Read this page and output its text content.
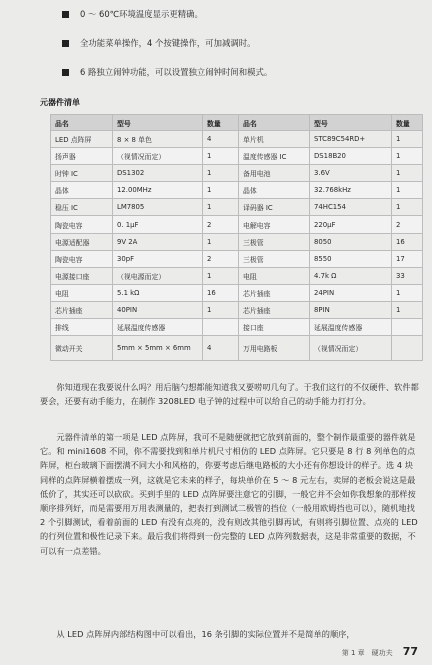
0 ～ 60℃环境温度显示更精确。
全功能菜单操作，4 个按键操作，可加减调时。
6 路独立闹钟功能，可以设置独立闹钟时间和模式。
元器件清单
品名	型号	数量	品名	型号	数量
LED 点阵屏	8 × 8 单色	4	单片机	STC89C54RD+	1
扬声器	（视情况而定）	1	温度传感器 IC	DS18B20	1
时钟 IC	DS1302	1	备用电池	3.6V	1
晶体	12.00MHz	1	晶体	32.768kHz	1
稳压 IC	LM7805	1	译码器 IC	74HC154	1
陶瓷电容	0. 1μF	2	电解电容	220μF	2
电源适配器	9V 2A	1	三极管	8050	16
陶瓷电容	30pF	2	三极管	8550	17
电源接口座	（视电源而定）	1	电阻	4.7k Ω	33
电阻	5.1 kΩ	16	芯片插座	24PIN	1
芯片插座	40PIN	1	芯片插座	8PIN	1
排线	延展温度传感器		接口座	延展温度传感器	
微动开关	5mm × 5mm × 6mm	4	万用电路板	（视情况而定）	

你知道现在我要说什么吗？用后脑勺想都能知道我又要唠叨几句了。于我们这行的不仅硬件、软件都要会，还要有动手能力，在制作 3208LED 电子钟的过程中可以给自己的动手能力打打分。

元器件清单的第一项是 LED 点阵屏，我可不是随便就把它放到前面的，整个制作最重要的器件就是它。和 mini1608 不同，你不需要找到和单片机尺寸相仿的 LED 点阵屏。它只要是 8 行 8 列单色的点阵屏，柜台玻璃下面摆满不同大小和风格的，你要考虑后继电路板的大小还有你想设计的样子。选 4 块同样的点阵屏横着摆成一列，这就是它未来的样子，每块单价在 5 ～ 8 元左右，卖屏的老板会说这是最低价了，其实还可以砍砍。买到手里的 LED 点阵屏要注意它的引脚，一般它并不会如你我想象的那样按顺序排列好，而是需要用万用表测量的，把表打到测试二极管的挡位（一般用欧姆挡也可以），随机地找 2 个引脚测试，看着前面的 LED 有没有点亮的，没有则改其他引脚再试，有则将引脚位置、点亮的 LED 的行列位置和极性记录下来。最后我们将得到一份完整的 LED 点阵列数据表，这是非常重要的数据，不可以有一点差错。

从 LED 点阵屏内部结构图中可以看出，16 条引脚的实际位置并不是简单的顺序，

第 1 章　硬功夫 77
